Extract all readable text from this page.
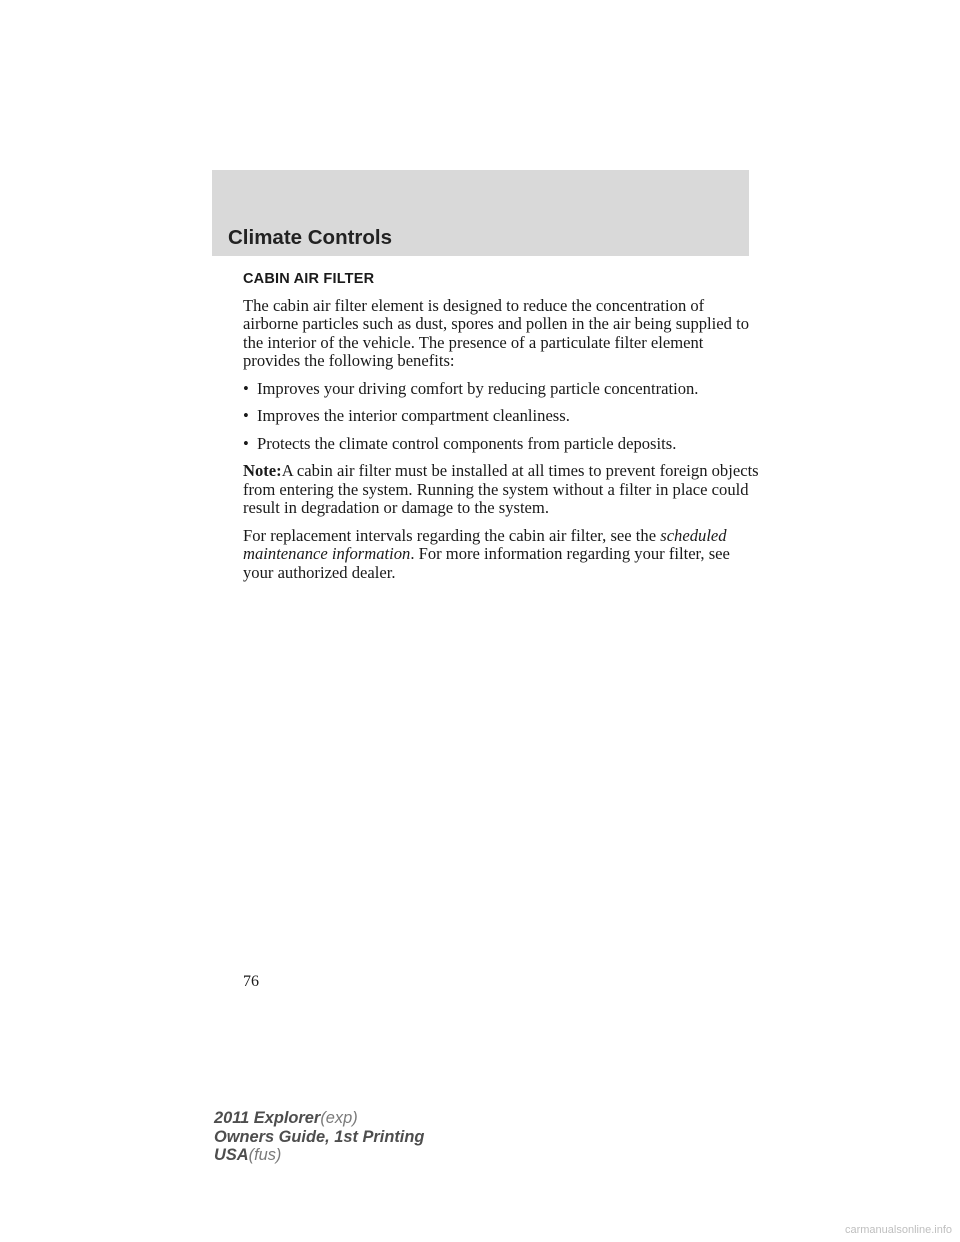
Climate Controls
CABIN AIR FILTER

The cabin air filter element is designed to reduce the concentration of airborne particles such as dust, spores and pollen in the air being supplied to the interior of the vehicle. The presence of a particulate filter element provides the following benefits:

• Improves your driving comfort by reducing particle concentration.
• Improves the interior compartment cleanliness.
• Protects the climate control components from particle deposits.

Note:A cabin air filter must be installed at all times to prevent foreign objects from entering the system. Running the system without a filter in place could result in degradation or damage to the system.

For replacement intervals regarding the cabin air filter, see the scheduled maintenance information. For more information regarding your filter, see your authorized dealer.

76
2011 Explorer(exp)
Owners Guide, 1st Printing
USA(fus)
carmanualsonline.info
